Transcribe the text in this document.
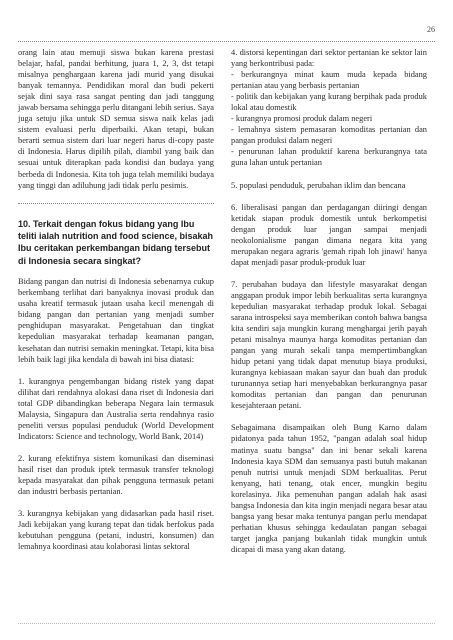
26

orang lain atau memuji siswa bukan karena prestasi belajar, hafal, pandai berhitung, juara 1, 2, 3, dst tetapi misalnya penghargaan karena jadi murid yang disukai banyak temannya. Pendidikan moral dan budi pekerti sejak dini saya rasa sangat penting dan jadi tanggung jawab bersama sehingga perlu ditangani lebih serius. Saya juga setuju jika untuk SD semua siswa naik kelas jadi sistem evaluasi perlu diperbaiki. Akan tetapi, bukan berarti semua sistem dari luar negeri harus di-copy paste di Indonesia. Harus dipilih pilah, diambil yang baik dan sesuai untuk diterapkan pada kondisi dan budaya yang berbeda di Indonesia. Kita toh juga telah memiliki budaya yang tinggi dan adiluhung jadi tidak perlu pesimis.

10. Terkait dengan fokus bidang yang Ibu teliti ialah nutrition and food science, bisakah Ibu ceritakan perkembangan bidang tersebut di Indonesia secara singkat?

Bidang pangan dan nutrisi di Indonesia sebenarnya cukup berkembang terlihat dari banyaknya inovasi produk dan usaha kreatif termasuk jutaan usaha kecil menengah di bidang pangan dan pertanian yang menjadi sumber penghidupan masyarakat. Pengetahuan dan tingkat kepedulian masyarakat terhadap keamanan pangan, kesehatan dan nutrisi semakin meningkat. Tetapi, kita bisa lebih baik lagi jika kendala di bawah ini bisa diatasi:

1. kurangnya pengembangan bidang ristek yang dapat dilihat dari rendahnya alokasi dana riset di Indonesia dari total GDP dibandingkan beberapa Negara lain termasuk Malaysia, Singapura dan Australia serta rendahnya rasio peneliti versus populasi penduduk (World Development Indicators: Science and technology, World Bank, 2014)

2. kurang efektifnya sistem komunikasi dan diseminasi hasil riset dan produk iptek termasuk transfer teknologi kepada masyarakat dan pihak pengguna termasuk petani dan industri berbasis pertanian.

3. kurangnya kebijakan yang didasarkan pada hasil riset. Jadi kebijakan yang kurang tepat dan tidak berfokus pada kebutuhan pengguna (petani, industri, konsumen) dan lemahnya koordinasi atau kolaborasi lintas sektoral

4. distorsi kepentingan dari sektor pertanian ke sektor lain yang berkontribusi pada:
- berkurangnya minat kaum muda kepada bidang pertanian atau yang berbasis pertanian
- politik dan kebijakan yang kurang berpihak pada produk lokal atau domestik
- kurangnya promosi produk dalam negeri
- lemahnya sistem pemasaran komoditas pertanian dan pangan produksi dalam negeri
- penurunan lahan produktif karena berkurangnya tata guna lahan untuk pertanian

5. populasi penduduk, perubahan iklim dan bencana

6. liberalisasi pangan dan perdagangan diiringi dengan ketidak siapan produk domestik untuk berkompetisi dengan produk luar jangan sampai menjadi neokolonialisme pangan dimana negara kita yang merupakan negara agraris 'gemah ripah loh jinawi' hanya dapat menjadi pasar produk-produk luar

7. perubahan budaya dan lifestyle masyarakat dengan anggapan produk impor lebih berkualitas serta kurangnya kepedulian masyarakat terhadap produk lokal. Sebagai sarana introspeksi saya memberikan contoh bahwa bangsa kita sendiri saja mungkin kurang menghargai jerih payah petani misalnya maunya harga komoditas pertanian dan pangan yang murah sekali tanpa mempertimbangkan hidup petani yang tidak dapat menutup biaya produksi, kurangnya kebiasaan makan sayur dan buah dan produk turunannya setiap hari menyebabkan berkurangnya pasar komoditas pertanian dan pangan dan penurunan kesejahteraan petani.

Sebagaimana disampaikan oleh Bung Karno dalam pidatonya pada tahun 1952, "pangan adalah soal hidup matinya suatu bangsa" dan ini benar sekali karena Indonesia kaya SDM dan semuanya pasti butuh makanan penuh nutrisi untuk menjadi SDM berkualitas. Perut kenyang, hati tenang, otak encer, mungkin begitu korelasinya. Jika pemenuhan pangan adalah hak asasi bangsa Indonesia dan kita ingin menjadi negara besar atau bangsa yang besar maka tentunya pangan perlu mendapat perhatian khusus sehingga kedaulatan pangan sebagai target jangka panjang bukanlah tidak mungkin untuk dicapai di masa yang akan datang.
